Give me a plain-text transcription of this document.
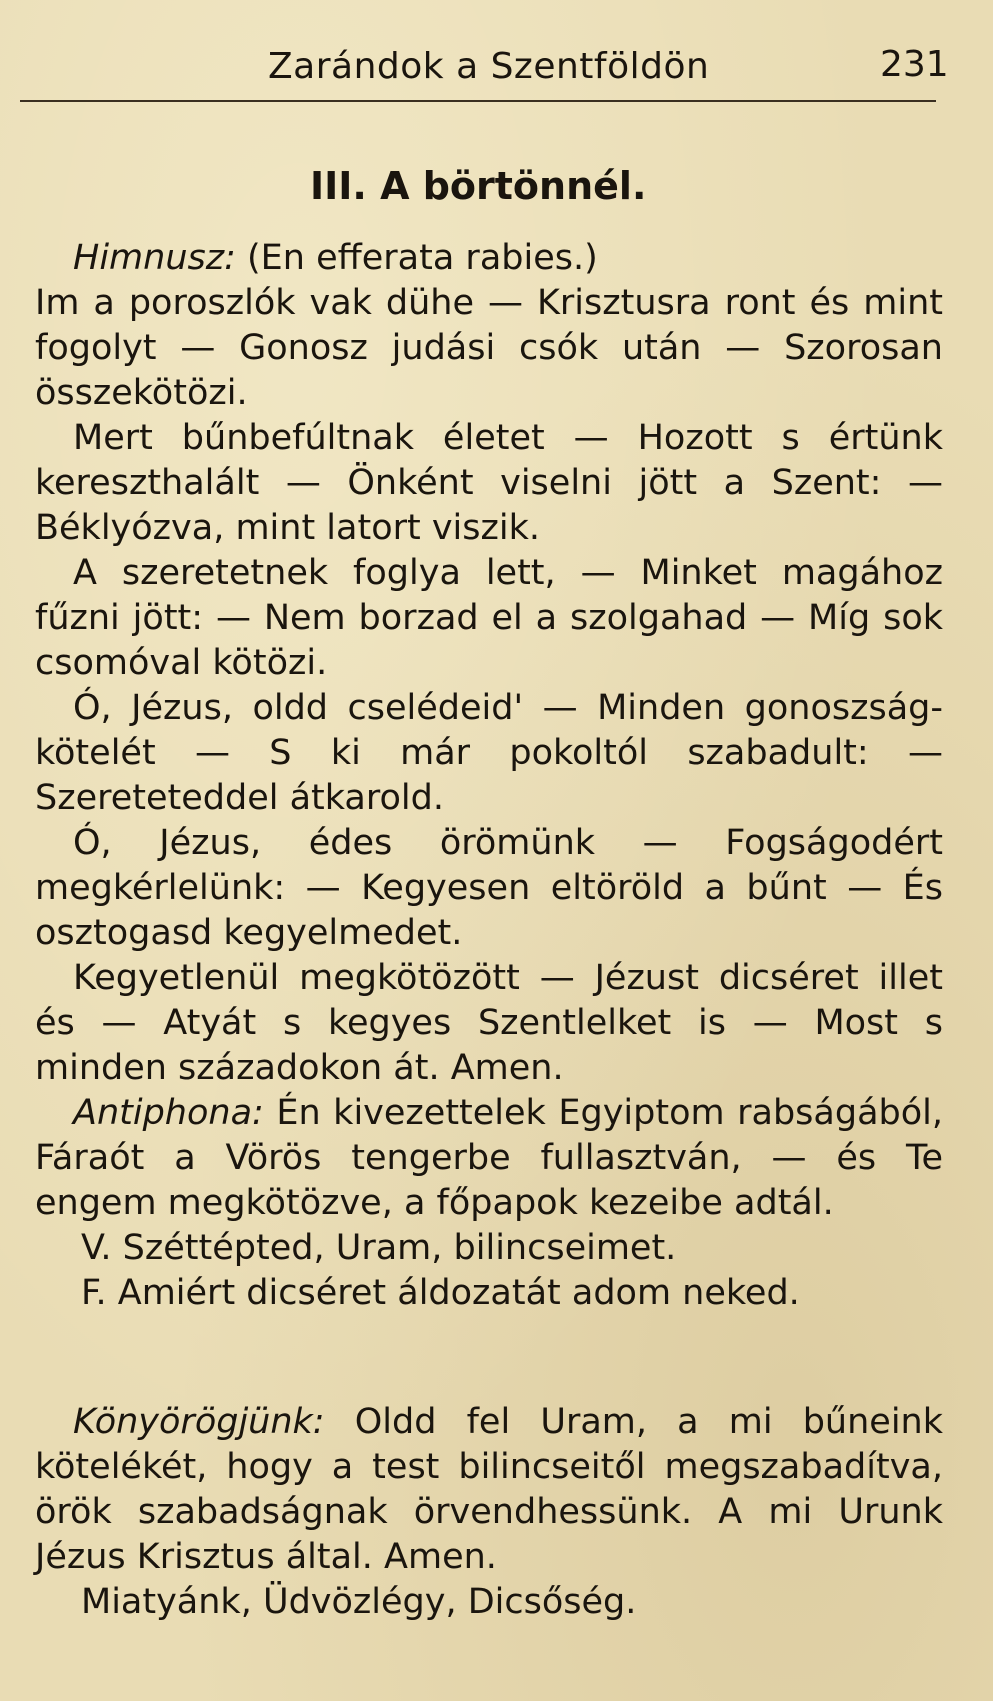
Zarándok a Szentföldön	231
III. A börtönnél.

Himnusz: (En efferata rabies.)

Im a poroszlók vak dühe — Krisztusra ront és mint fogolyt — Gonosz judási csók után — Szorosan összekötözi.

Mert bűnbefúltnak életet — Hozott s értünk kereszthalált — Önként viselni jött a Szent: — Béklyózva, mint latort viszik.

A szeretetnek foglya lett, — Minket magához fűzni jött: — Nem borzad el a szolgahad — Míg sok csomóval kötözi.

Ó, Jézus, oldd cselédeid' — Minden gonoszság-kötelét — S ki már pokoltól szabadult: — Szereteteddel átkarold.

Ó, Jézus, édes örömünk — Fogságodért megkérlelünk: — Kegyesen eltöröld a bűnt — És osztogasd kegyelmedet.

Kegyetlenül megkötözött — Jézust dicséret illet és — Atyát s kegyes Szentlelket is — Most s minden századokon át. Amen.

Antiphona: Én kivezettelek Egyiptom rabságából, Fáraót a Vörös tengerbe fullasztván, — és Te engem megkötözve, a főpapok kezeibe adtál.

V. Széttépted, Uram, bilincseimet.

F. Amiért dicséret áldozatát adom neked.

Könyörögjünk: Oldd fel Uram, a mi bűneink kötelékét, hogy a test bilincseitől megszabadítva, örök szabadságnak örvendhessünk. A mi Urunk Jézus Krisztus által. Amen.

Miatyánk, Üdvözlégy, Dicsőség.
